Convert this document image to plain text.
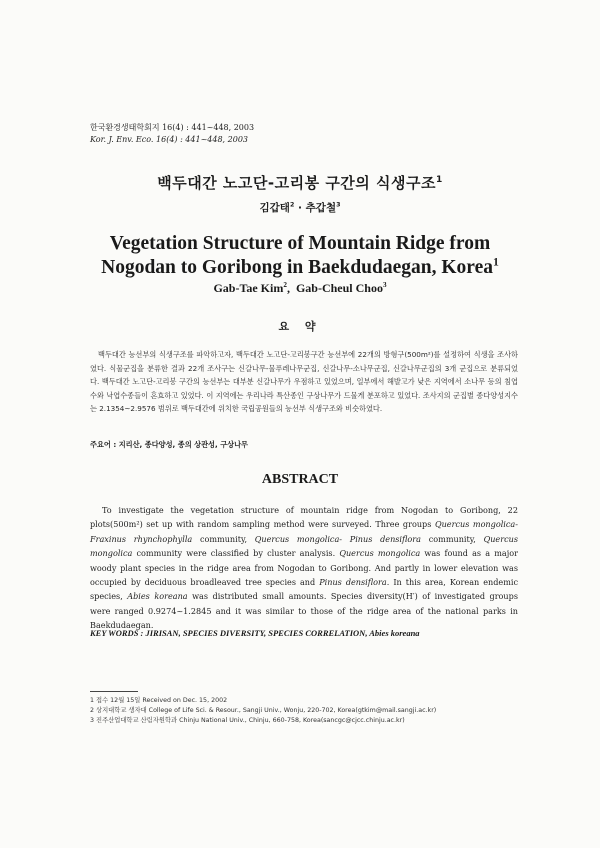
한국환경생태학회지 16(4) : 441~448, 2003
Kor. J. Env. Eco. 16(4) : 441~448, 2003
백두대간 노고단-고리봉 구간의 식생구조$^1$
김갑태$^2$ · 추갑철$^3$
Vegetation Structure of Mountain Ridge from
Nogodan to Goribong in Baekdudaegan, Korea$^1$
Gab-Tae Kim$^2$,  Gab-Cheul Choo$^3$
요 약

백두대간 능선부의 식생구조를 파악하고자, 백두대간 노고단-고리봉구간 능선부에 22개의 방형구(500m²)를 설정하여 식생을 조사하였다. 식물군집을 분류한 결과 22개 조사구는 신갈나무-물푸레나무군집, 신갈나무-소나무군집, 신갈나무군집의 3개 군집으로 분류되었다. 백두대간 노고단-고리봉 구간의 능선부는 대부분 신갈나무가 우점하고 있었으며, 일부에서 해발고가 낮은 지역에서 소나무 등의 침엽수와 낙엽수종들이 혼효하고 있었다. 이 지역에는 우리나라 특산종인 구상나무가 드물게 분포하고 있었다. 조사지의 군집별 종다양성지수는 2.1354~2.9576 범위로 백두대간에 위치한 국립공원들의 능선부 식생구조와 비슷하였다.

주요어 : 지리산, 종다양성, 종의 상관성, 구상나무
ABSTRACT

To investigate the vegetation structure of mountain ridge from Nogodan to Goribong, 22 plots(500m²) set up with random sampling method were surveyed. Three groups Quercus mongolica-Fraxinus rhynchophylla community, Quercus mongolica- Pinus densiflora community, Quercus mongolica community were classified by cluster analysis. Quercus mongolica was found as a major woody plant species in the ridge area from Nogodan to Goribong. And partly in lower elevation was occupied by deciduous broadleaved tree species and Pinus densiflora. In this area, Korean endemic species, Abies koreana was distributed small amounts. Species diversity(H′) of investigated groups were ranged 0.9274~1.2845 and it was similar to those of the ridge area of the national parks in Baekdudaegan.

KEY WORDS : JIRISAN, SPECIES DIVERSITY, SPECIES CORRELATION, Abies koreana
1 접수 12월 15일 Received on Dec. 15, 2002
2 상지대학교 생자대 College of Life Sci. & Resour., Sangji Univ., Wonju, 220-702, Korea(gtkim@mail.sangji.ac.kr)
3 진주산업대학교 산림자원학과 Chinju National Univ., Chinju, 660-758, Korea(sancgc@cjcc.chinju.ac.kr)
